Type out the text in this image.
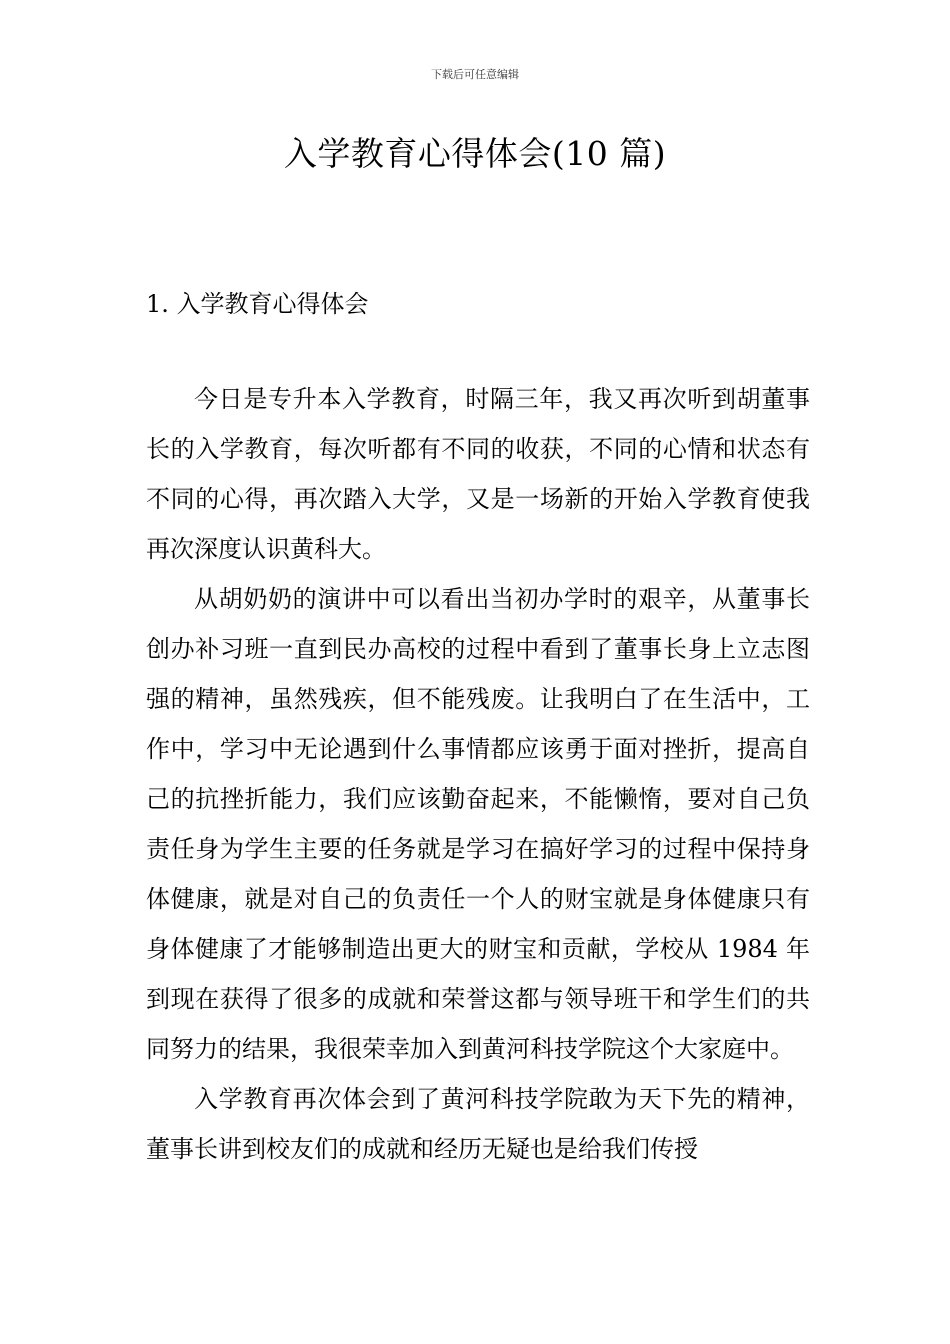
下载后可任意编辑
入学教育心得体会(10 篇)
1. 入学教育心得体会

今日是专升本入学教育，时隔三年，我又再次听到胡董事长的入学教育，每次听都有不同的收获，不同的心情和状态有不同的心得，再次踏入大学，又是一场新的开始入学教育使我再次深度认识黄科大。

从胡奶奶的演讲中可以看出当初办学时的艰辛，从董事长创办补习班一直到民办高校的过程中看到了董事长身上立志图强的精神，虽然残疾，但不能残废。让我明白了在生活中，工作中，学习中无论遇到什么事情都应该勇于面对挫折，提高自己的抗挫折能力，我们应该勤奋起来，不能懒惰，要对自己负责任身为学生主要的任务就是学习在搞好学习的过程中保持身体健康，就是对自己的负责任一个人的财宝就是身体健康只有身体健康了才能够制造出更大的财宝和贡献，学校从 1984 年到现在获得了很多的成就和荣誉这都与领导班干和学生们的共同努力的结果，我很荣幸加入到黄河科技学院这个大家庭中。

入学教育再次体会到了黄河科技学院敢为天下先的精神，董事长讲到校友们的成就和经历无疑也是给我们传授
